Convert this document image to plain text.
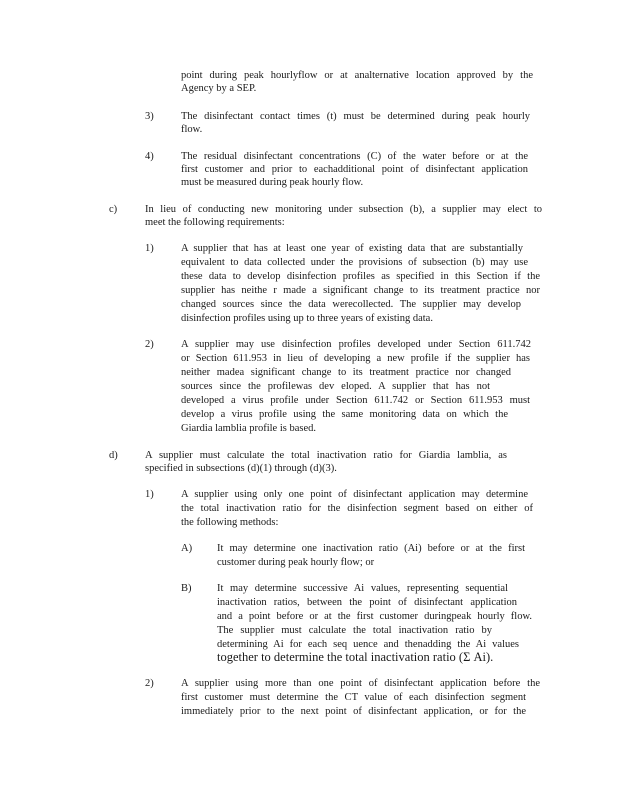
point during peak hourlyflow or at analternative location approved by the
Agency by a SEP.
3)	The disinfectant contact times (t) must be determined during peak hourly
flow.
4)	The residual disinfectant concentrations (C) of the water before or at the
first customer and prior to eachadditional point of disinfectant application
must be measured during peak hourly flow.
c)	In lieu of conducting new monitoring under subsection (b), a supplier may elect to
meet the following requirements:
1)	A supplier that has at least one year of existing data that are substantially
equivalent to data collected under the provisions of subsection (b) may use
these data to develop disinfection profiles as specified in this Section if the
supplier has neithe r made a significant change to its treatment practice nor
changed sources since the data werecollected. The supplier may develop
disinfection profiles using up to three years of existing data.
2)	A supplier may use disinfection profiles developed under Section 611.742
or Section 611.953 in lieu of developing a new profile if the supplier has
neither madea significant change to its treatment practice nor changed
sources since the profilewas dev eloped. A supplier that has not
developed a virus profile under Section 611.742 or Section 611.953 must
develop a virus profile using the same monitoring data on which the
Giardia lamblia profile is based.
d)	A supplier must calculate the total inactivation ratio for Giardia lamblia, as
specified in subsections (d)(1) through (d)(3).
1)	A supplier using only one point of disinfectant application may determine
the total inactivation ratio for the disinfection segment based on either of
the following methods:
A) It may determine one inactivation ratio (Ai) before or at the first
customer during peak hourly flow; or
B) It may determine successive Ai values, representing sequential
inactivation ratios, between the point of disinfectant application
and a point before or at the first customer duringpeak hourly flow.
The supplier must calculate the total inactivation ratio by
determining Ai for each seq uence and thenadding the Ai values
together to determine the total inactivation ratio (Σ Ai).
2)	A supplier using more than one point of disinfectant application before the
first customer must determine the CT value of each disinfection segment
immediately prior to the next point of disinfectant application, or for the
